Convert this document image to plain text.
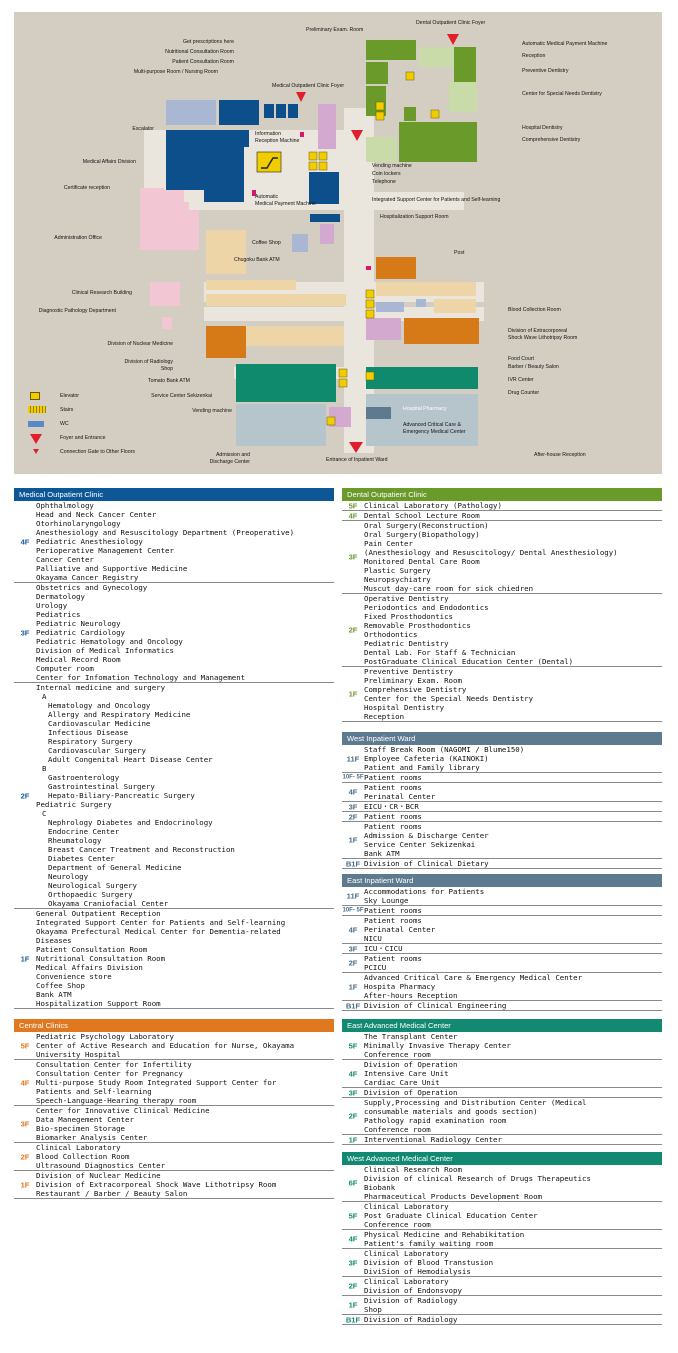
Get prescriptions here
Nutritional Consultation Room
Patient Consultation Room
Multi-purpose Room / Nursing Room
Escalator
Medical Affairs Division
Certificate reception
Administration Office
Clinical Research Building
Diagnostic Pathology Department
Division of Nuclear Medicine
Division of Radiology
Shop
Tomato Bank ATM
Service Center Sekizenkai
Vending machine
Admission and
Discharge Center
Preliminary Exam. Room
Dental Outpatient Clinic Foyer
Automatic Medical Payment Machine
Reception
Preventive Dentistry
Center for Special Needs Dentistry
Hospital Dentistry
Comprehensive Dentistry
Medical Outpatient Clinic Foyer
Information
Reception Machine
Vending machine
Coin lockers
Telephone
Automatic
Medical Payment Machine
Integrated Support Center for Patients and Self-learning
Hospitalization Support Room
Coffee Shop
Chugoku Bank ATM
Post
Blood Collection Room
Division of Extracorporeal
Shock Wave Lithotripsy Room
Food Court
Barber / Beauty Salon
IVR Center
Drug Counter
Hospital Pharmacy
Advanced Critical Care &
Emergency Medical Center
After-house Reception
Entrance of Inpatient Ward
Elevator
Stairs
WC
Foyer and Entrance
Connection Gate to Other Floors
Medical Outpatient Clinic
4F
Ophthalmology
Head and Neck Cancer Center
Otorhinolaryngology
Anesthesiology and Resuscitology Department (Preoperative)
Pediatric Anesthesiology
Perioperative Management Center
Cancer Center
Palliative and Supportive Medicine
Okayama Cancer Registry
3F
Obstetrics and Gynecology
Dermatology
Urology
Pediatrics
Pediatric Neurology
Pediatric Cardiology
Pediatric Hematology and Oncology
Division of Medical Informatics
Medical Record Room
Computer room
Center for Infomation Technology and Management
2F
Internal medicine and surgery
A
Hematology and Oncology
Allergy and Respiratory Medicine
Cardiovascular Medicine
Infectious Disease
Respiratory Surgery
Cardiovascular Surgery
Adult Congenital Heart Disease Center
B
Gastroenterology
Gastrointestinal Surgery
Hepato-Biliary-Pancreatic Surgery
Pediatric Surgery
C
Nephrology Diabetes and Endocrinology
Endocrine Center
Rheumatology
Breast Cancer Treatment and Reconstruction
Diabetes Center
Department of General Medicine
Neurology
Neurological Surgery
Orthopaedic Surgery
Okayama Craniofacial Center
1F
General Outpatient Reception
Integrated Support Center for Patients and Self-learning
Okayama Prefectural Medical Center for Dementia-related
Diseases
Patient Consultation Room
Nutritional Consultation Room
Medical Affairs Division
Convenience store
Coffee Shop
Bank ATM
Hospitalization Support Room
Central Clinics
5F
Pediatric Psychology Laboratory
Center of Active Research and Education for Nurse, Okayama
University Hospital
4F
Consultation Center for Infertility
Consultation Center for Pregnancy
Multi-purpose Study Room Integrated Support Center for
Patients and Self-learning
Speech-Language-Hearing therapy room
3F
Center for Innovative Clinical Medicine
Data Manegement Center
Bio-specimen Storage
Biomarker Analysis Center
2F
Clinical Laboratory
Blood Collection Room
Ultrasound Diagnostics Center
1F
Division of Nuclear Medicine
Division of Extracorporeal Shock Wave Lithotripsy Room
Restaurant / Barber / Beauty Salon
Dental Outpatient Clinic
5F Clinical Laboratory (Pathology)
4F Dental School Lecture Room
3F
Oral Surgery(Reconstruction)
Oral Surgery(Biopathology)
Pain Center
(Anesthesiology and Resuscitology/ Dental Anesthesiology)
Monitored Dental Care Room
Plastic Surgery
Neuropsychiatry
Muscut day-care room for sick chiedren
2F
Operative Dentistry
Periodontics and Endodontics
Fixed Prosthodontics
Removable Prosthodontics
Orthodontics
Pediatric Dentistry
Dental Lab. For Staff & Technician
PostGraduate Clinical Education Center (Dental)
1F
Preventive Dentistry
Preliminary Exam. Room
Comprehensive Dentistry
Center for the Special Needs Dentistry
Hospital Dentistry
Reception
West Inpatient Ward
11F
Staff Break Room (NAGOMI / Blume150)
Employee Cafeteria (KAINOKI)
Patient and Family library
10F- 5F Patient rooms
4F Patient rooms
Perinatal Center
3F EICU・CR・BCR
2F Patient rooms
1F
Patient rooms
Admission & Discharge Center
Service Center Sekizenkai
Bank ATM
B1F Division of Clinical Dietary
East Inpatient Ward
11F Accommodations for Patients
Sky Lounge
10F- 5F Patient rooms
4F
Patient rooms
Perinatal Center
NICU
3F ICU・CICU
2F Patient rooms
PCICU
1F
Advanced Critical Care & Emergency Medical Center
Hospita Pharmacy
After-hours Reception
B1F Division of Clinical Engineering
East Advanced Medical Center
5F
The Transplant Center
Minimally Invasive Therapy Center
Conference room
4F
Division of Operation
Intensive Care Unit
Cardiac Care Unit
3F Division of Operation
2F
Supply,Processing and Distribution Center (Medical
consumable materials and goods section)
Pathology rapid examination room
Conference room
1F Interventional Radiology Center
West Advanced Medical Center
6F
Clinical Research Room
Division of clinical Research of Drugs Therapeutics
Biobank
Pharmaceutical Products Development Room
5F
Clinical Laboratory
Post Graduate Clinical Education Center
Conference room
4F Physical Medicine and Rehabikitation
Patient's family waiting room
3F
Clinical Laboratory
Division of Blood Transtusion
DiviSion of Hemodialysis
2F Clinical Laboratory
Division of Endonsvopy
1F Division of Radiology
Shop
B1F Division of Radiology
